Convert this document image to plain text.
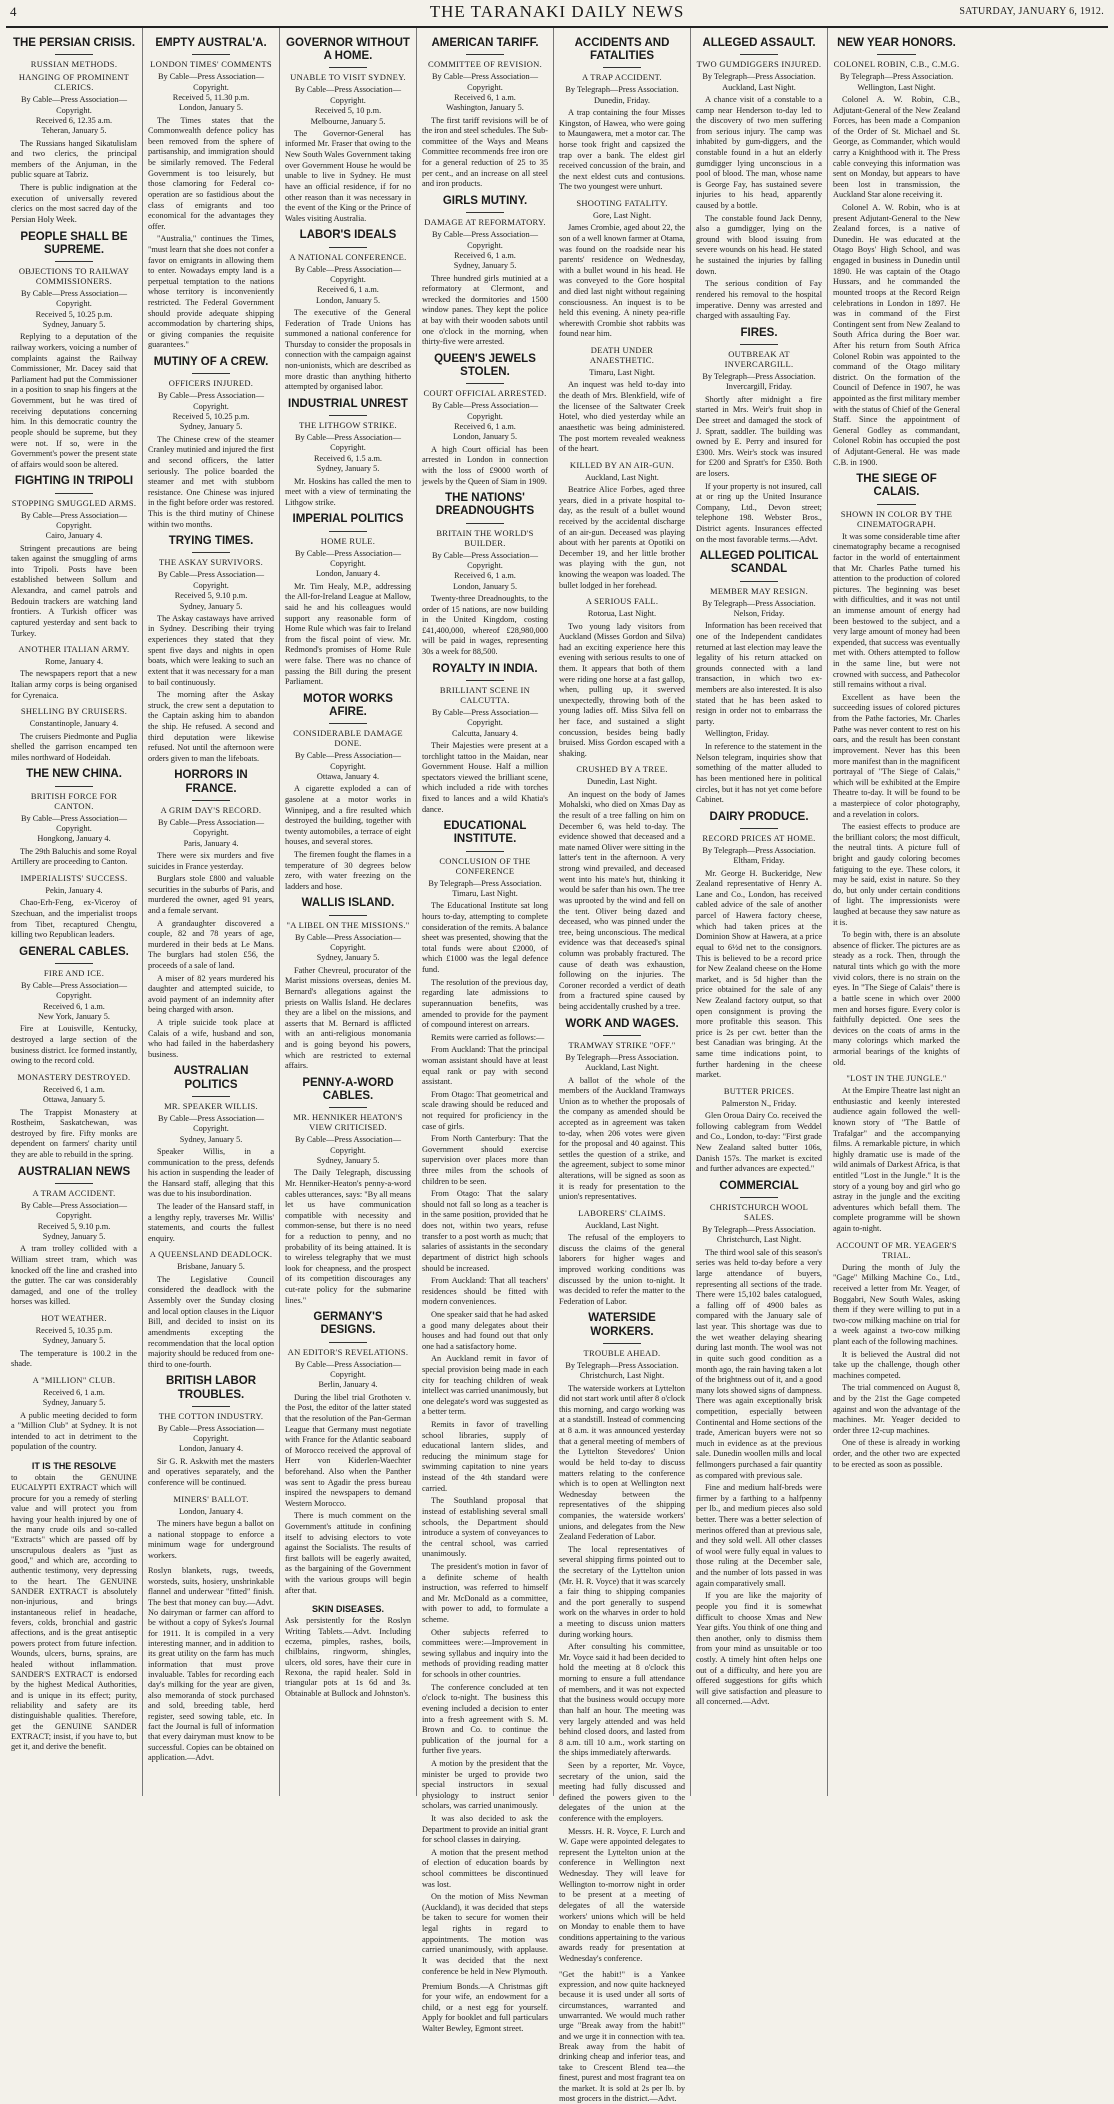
4	THE TARANAKI DAILY NEWS	SATURDAY, JANUARY 6, 1912.
THE PERSIAN CRISIS.
RUSSIAN METHODS.
HANGING OF PROMINENT CLERICS.
By Cable—Press Association—Copyright.
Received 6, 12.35 a.m.
Teheran, January 5.

The Russians hanged Sikatulislam and two clerics, the principal members of the Anjuman, in the public square at Tabriz.

There is public indignation at the execution of universally revered clerics on the most sacred day of the Persian Holy Week.

PEOPLE SHALL BE SUPREME.
OBJECTIONS TO RAILWAY COMMISSIONERS.
By Cable—Press Association—Copyright.
Received 5, 10.25 p.m.
Sydney, January 5.

Replying to a deputation of the railway workers, voicing a number of complaints against the Railway Commissioner, Mr. Dacey said that Parliament had put the Commissioner in a position to snap his fingers at the Government, but he was tired of receiving deputations concerning him. In this democratic country the people should be supreme, but they were not. If so, were in the Government's power the present state of affairs would soon be altered.

FIGHTING IN TRIPOLI
STOPPING SMUGGLED ARMS.
By Cable—Press Association—Copyright.
Cairo, January 4.

Stringent precautions are being taken against the smuggling of arms into Tripoli. Posts have been established between Sollum and Alexandra, and camel patrols and Bedouin trackers are watching land frontiers. A Turkish officer was captured yesterday and sent back to Turkey.

ANOTHER ITALIAN ARMY.
Rome, January 4.

The newspapers report that a new Italian army corps is being organised for Cyrenaica.

SHELLING BY CRUISERS.
Constantinople, January 4.

The cruisers Piedmonte and Puglia shelled the garrison encamped ten miles northward of Hodeidah.

THE NEW CHINA.
BRITISH FORCE FOR CANTON.
By Cable—Press Association—Copyright.
Hongkong, January 4.

The 29th Baluchis and some Royal Artillery are proceeding to Canton.

IMPERIALISTS' SUCCESS.
Pekin, January 4.

Chao-Erh-Feng, ex-Viceroy of Szechuan, and the imperialist troops from Tibet, recaptured Chengtu, killing two Republican leaders.

GENERAL CABLES.
FIRE AND ICE.
By Cable—Press Association—Copyright.
Received 6, 1 a.m.
New York, January 5.

Fire at Louisville, Kentucky, destroyed a large section of the business district. Ice formed instantly, owing to the record cold.

MONASTERY DESTROYED.
Received 6, 1 a.m.
Ottawa, January 5.

The Trappist Monastery at Rostheim, Saskatchewan, was destroyed by fire. Fifty monks are dependent on farmers' charity until they are able to rebuild in the spring.

AUSTRALIAN NEWS
A TRAM ACCIDENT.
By Cable—Press Association—Copyright.
Received 5, 9.10 p.m.
Sydney, January 5.

A tram trolley collided with a William street tram, which was knocked off the line and crashed into the gutter. The car was considerably damaged, and one of the trolley horses was killed.

HOT WEATHER.
Received 5, 10.35 p.m.
Sydney, January 5.

The temperature is 100.2 in the shade.

A "MILLION" CLUB.
Received 6, 1 a.m.
Sydney, January 5.

A public meeting decided to form a "Million Club" at Sydney. It is not intended to act in detriment to the population of the country.

IT IS THE RESOLVE
to obtain the GENUINE EUCALYPTI EXTRACT which will procure for you a remedy of sterling value and will protect you from having your health injured by one of the many crude oils and so-called "Extracts" which are passed off by unscrupulous dealers as "just as good," and which are, according to authentic testimony, very depressing to the heart. The GENUINE SANDER EXTRACT is absolutely non-injurious, and brings instantaneous relief in headache, fevers, colds, bronchial and gastric affections, and is the great antiseptic powers protect from future infection. Wounds, ulcers, burns, sprains, are healed without inflammation. SANDER'S EXTRACT is endorsed by the highest Medical Authorities, and is unique in its effect; purity, reliability and safety are its distinguishable qualities. Therefore, get the GENUINE SANDER EXTRACT; insist, if you have to, but get it, and derive the benefit.
EMPTY AUSTRAL'A.
LONDON TIMES' COMMENTS
By Cable—Press Association—Copyright.
Received 5, 11.30 p.m.
London, January 5.

The Times states that the Commonwealth defence policy has been removed from the sphere of partisanship, and immigration should be similarly removed. The Federal Government is too leisurely, but those clamoring for Federal co-operation are so fastidious about the class of emigrants and too economical for the advantages they offer.

"Australia," continues the Times, "must learn that she does not confer a favor on emigrants in allowing them to enter. Nowadays empty land is a perpetual temptation to the nations whose territory is inconveniently restricted. The Federal Government should provide adequate shipping accommodation by chartering ships, or giving companies the requisite guarantees."

MUTINY OF A CREW.
OFFICERS INJURED.
By Cable—Press Association—Copyright.
Received 5, 10.25 p.m.
Sydney, January 5.

The Chinese crew of the steamer Cranley mutinied and injured the first and second officers, the latter seriously. The police boarded the steamer and met with stubborn resistance. One Chinese was injured in the fight before order was restored. This is the third mutiny of Chinese within two months.

TRYING TIMES.
THE ASKAY SURVIVORS.
By Cable—Press Association—Copyright.
Received 5, 9.10 p.m.
Sydney, January 5.

The Askay castaways have arrived in Sydney. Describing their trying experiences they stated that they spent five days and nights in open boats, which were leaking to such an extent that it was necessary for a man to bail continuously.

The morning after the Askay struck, the crew sent a deputation to the Captain asking him to abandon the ship. He refused. A second and third deputation were likewise refused. Not until the afternoon were orders given to man the lifeboats.

HORRORS IN FRANCE.
A GRIM DAY'S RECORD.
By Cable—Press Association—Copyright.
Paris, January 4.

There were six murders and five suicides in France yesterday.

Burglars stole £800 and valuable securities in the suburbs of Paris, and murdered the owner, aged 91 years, and a female servant.

A grandaughter discovered a couple, 82 and 78 years of age, murdered in their beds at Le Mans. The burglars had stolen £56, the proceeds of a sale of land.

A miser of 82 years murdered his daughter and attempted suicide, to avoid payment of an indemnity after being charged with arson.

A triple suicide took place at Calais of a wife, husband and son, who had failed in the haberdashery business.

AUSTRALIAN POLITICS
MR. SPEAKER WILLIS.
By Cable—Press Association—Copyright.
Sydney, January 5.

Speaker Willis, in a communication to the press, defends his action in suspending the leader of the Hansard staff, alleging that this was due to his insubordination.

The leader of the Hansard staff, in a lengthy reply, traverses Mr. Willis' statements, and courts the fullest enquiry.

A QUEENSLAND DEADLOCK.
Brisbane, January 5.

The Legislative Council considered the deadlock with the Assembly over the Sunday closing and local option clauses in the Liquor Bill, and decided to insist on its amendments excepting the recommendation that the local option majority should be reduced from one-third to one-fourth.

BRITISH LABOR TROUBLES.
THE COTTON INDUSTRY.
By Cable—Press Association—Copyright.
London, January 4.

Sir G. R. Askwith met the masters and operatives separately, and the conference will be continued.

MINERS' BALLOT.
London, January 4.

The miners have begun a ballot on a national stoppage to enforce a minimum wage for underground workers.

Roslyn blankets, rugs, tweeds, worsteds, suits, hosiery, unshrinkable flannel and underwear "fitted" finish. The best that money can buy.—Advt. No dairyman or farmer can afford to be without a copy of Sykes's Journal for 1911. It is compiled in a very interesting manner, and in addition to its great utility on the farm has much information that must prove invaluable. Tables for recording each day's milking for the year are given, also memoranda of stock purchased and sold, breeding table, herd register, seed sowing table, etc. In fact the Journal is full of information that every dairyman must know to be successful. Copies can be obtained on application.—Advt.
GOVERNOR WITHOUT A HOME.
UNABLE TO VISIT SYDNEY.
By Cable—Press Association—Copyright.
Received 5, 10 p.m.
Melbourne, January 5.

The Governor-General has informed Mr. Fraser that owing to the New South Wales Government taking over Government House he would be unable to live in Sydney. He must have an official residence, if for no other reason than it was necessary in the event of the King or the Prince of Wales visiting Australia.

LABOR'S IDEALS
A NATIONAL CONFERENCE.
By Cable—Press Association—Copyright.
Received 6, 1 a.m.
London, January 5.

The executive of the General Federation of Trade Unions has summoned a national conference for Thursday to consider the proposals in connection with the campaign against non-unionists, which are described as more drastic than anything hitherto attempted by organised labor.

INDUSTRIAL UNREST
THE LITHGOW STRIKE.
By Cable—Press Association—Copyright.
Received 6, 1.5 a.m.
Sydney, January 5.

Mr. Hoskins has called the men to meet with a view of terminating the Lithgow strike.

IMPERIAL POLITICS
HOME RULE.
By Cable—Press Association—Copyright.
London, January 4.

Mr. Tim Healy, M.P., addressing the All-for-Ireland League at Mallow, said he and his colleagues would support any reasonable form of Home Rule which was fair to Ireland from the fiscal point of view. Mr. Redmond's promises of Home Rule were false. There was no chance of passing the Bill during the present Parliament.

MOTOR WORKS AFIRE.
CONSIDERABLE DAMAGE DONE.
By Cable—Press Association—Copyright.
Ottawa, January 4.

A cigarette exploded a can of gasolene at a motor works in Winnipeg, and a fire resulted which destroyed the building, together with twenty automobiles, a terrace of eight houses, and several stores.

The firemen fought the flames in a temperature of 30 degrees below zero, with water freezing on the ladders and hose.

WALLIS ISLAND.
"A LIBEL ON THE MISSIONS."
By Cable—Press Association—Copyright.
Sydney, January 5.

Father Chevreul, procurator of the Marist missions overseas, denies M. Bernard's allegations against the priests on Wallis Island. He declares they are a libel on the missions, and asserts that M. Bernard is afflicted with an anti-religious monomania and is going beyond his powers, which are restricted to external affairs.

PENNY-A-WORD CABLES.
MR. HENNIKER HEATON'S VIEW CRITICISED.
By Cable—Press Association—Copyright.
Sydney, January 5.

The Daily Telegraph, discussing Mr. Henniker-Heaton's penny-a-word cables utterances, says: "By all means let us have communication compatible with necessity and common-sense, but there is no need for a reduction to penny, and no probability of its being attained. It is to wireless telegraphy that we must look for cheapness, and the prospect of its competition discourages any cut-rate policy for the submarine lines."

GERMANY'S DESIGNS.
AN EDITOR'S REVELATIONS.
By Cable—Press Association—Copyright.
Berlin, January 4.

During the libel trial Grothoten v. the Post, the editor of the latter stated that the resolution of the Pan-German League that Germany must negotiate with France for the Atlantic seaboard of Morocco received the approval of Herr von Kiderlen-Waechter beforehand. Also when the Panther was sent to Agadir the press bureau inspired the newspapers to demand Western Morocco.

There is much comment on the Government's attitude in confining itself to advising electors to vote against the Socialists. The results of first ballots will be eagerly awaited, as the bargaining of the Government with the various groups will begin after that.

SKIN DISEASES.
Ask persistently for the Roslyn Writing Tablets.—Advt. Including eczema, pimples, rashes, boils, chilblains, ringworm, shingles, ulcers, old sores, have their cure in Rexona, the rapid healer. Sold in triangular pots at 1s 6d and 3s. Obtainable at Bullock and Johnston's.
AMERICAN TARIFF.
COMMITTEE OF REVISION.
By Cable—Press Association—Copyright.
Received 6, 1 a.m.
Washington, January 5.

The first tariff revisions will be of the iron and steel schedules. The Sub-committee of the Ways and Means Committee recommends free iron ore for a general reduction of 25 to 35 per cent., and an increase on all steel and iron products.

GIRLS MUTINY.
DAMAGE AT REFORMATORY.
By Cable—Press Association—Copyright.
Received 6, 1 a.m.
Sydney, January 5.

Three hundred girls mutinied at a reformatory at Clermont, and wrecked the dormitories and 1500 window panes. They kept the police at bay with their wooden sabots until one o'clock in the morning, when thirty-five were arrested.

QUEEN'S JEWELS STOLEN.
COURT OFFICIAL ARRESTED.
By Cable—Press Association—Copyright.
Received 6, 1 a.m.
London, January 5.

A high Court official has been arrested in London in connection with the loss of £9000 worth of jewels by the Queen of Siam in 1909.

THE NATIONS' DREADNOUGHTS
BRITAIN THE WORLD'S BUILDER.
By Cable—Press Association—Copyright.
Received 6, 1 a.m.
London, January 5.

Twenty-three Dreadnoughts, to the order of 15 nations, are now building in the United Kingdom, costing £41,400,000, whereof £28,980,000 will be paid in wages, representing 30s a week for 88,500.

ROYALTY IN INDIA.
BRILLIANT SCENE IN CALCUTTA.
By Cable—Press Association—Copyright.
Calcutta, January 4.

Their Majesties were present at a torchlight tattoo in the Maidan, near Government House. Half a million spectators viewed the brilliant scene, which included a ride with torches fixed to lances and a wild Khatia's dance.

EDUCATIONAL INSTITUTE.
CONCLUSION OF THE CONFERENCE
By Telegraph—Press Association.
Timaru, Last Night.

The Educational Institute sat long hours to-day, attempting to complete consideration of the remits. A balance sheet was presented, showing that the total funds were about £2000, of which £1000 was the legal defence fund.

The resolution of the previous day, regarding late admissions to superannuation benefits, was amended to provide for the payment of compound interest on arrears.

Remits were carried as follows:—

From Auckland: That the principal woman assistant should have at least equal rank or pay with second assistant.

From Otago: That geometrical and scale drawing should be reduced and not required for proficiency in the case of girls.

From North Canterbury: That the Government should exercise supervision over places more than three miles from the schools of children to be seen.

From Otago: That the salary should not fall so long as a teacher is in the same position, provided that he does not, within two years, refuse transfer to a post worth as much; that salaries of assistants in the secondary department of district high schools should be increased.

From Auckland: That all teachers' residences should be fitted with modern conveniences.

One speaker said that he had asked a good many delegates about their houses and had found out that only one had a satisfactory home.

An Auckland remit in favor of special provision being made in each city for teaching children of weak intellect was carried unanimously, but one delegate's word was suggested as a better term.

Remits in favor of travelling school libraries, supply of educational lantern slides, and reducing the minimum stage for swimming capitation to nine years instead of the 4th standard were carried.

The Southland proposal that instead of establishing several small schools, the Department should introduce a system of conveyances to the central school, was carried unanimously.

The president's motion in favor of a definite scheme of health instruction, was referred to himself and Mr. McDonald as a committee, with power to add, to formulate a scheme.

Other subjects referred to committees were:—Improvement in sewing syllabus and inquiry into the methods of providing reading matter for schools in other countries.

The conference concluded at ten o'clock to-night. The business this evening included a decision to enter into a fresh agreement with S. M. Brown and Co. to continue the publication of the journal for a further five years.

A motion by the president that the minister be urged to provide two special instructors in sexual physiology to instruct senior scholars, was carried unanimously.

It was also decided to ask the Department to provide an initial grant for school classes in dairying.

A motion that the present method of election of education boards by school committees be discontinued was lost.

On the motion of Miss Newman (Auckland), it was decided that steps be taken to secure for women their legal rights in regard to appointments. The motion was carried unanimously, with applause. It was decided that the next conference be held in New Plymouth.

Premium Bonds.—A Christmas gift for your wife, an endowment for a child, or a nest egg for yourself. Apply for booklet and full particulars Walter Bewley, Egmont street.
ACCIDENTS AND FATALITIES
A TRAP ACCIDENT.
By Telegraph—Press Association.
Dunedin, Friday.

A trap containing the four Misses Kingston, of Hawea, who were going to Maungawera, met a motor car. The horse took fright and capsized the trap over a bank. The eldest girl received concussion of the brain, and the next eldest cuts and contusions. The two youngest were unhurt.

SHOOTING FATALITY.
Gore, Last Night.

James Crombie, aged about 22, the son of a well known farmer at Otama, was found on the roadside near his parents' residence on Wednesday, with a bullet wound in his head. He was conveyed to the Gore hospital and died last night without regaining consciousness. An inquest is to be held this evening. A ninety pea-rifle wherewith Crombie shot rabbits was found near him.

DEATH UNDER ANAESTHETIC.
Timaru, Last Night.

An inquest was held to-day into the death of Mrs. Blenkfield, wife of the licensee of the Saltwater Creek Hotel, who died yesterday while an anaesthetic was being administered. The post mortem revealed weakness of the heart.

KILLED BY AN AIR-GUN.
Auckland, Last Night.

Beatrice Alice Forbes, aged three years, died in a private hospital to-day, as the result of a bullet wound received by the accidental discharge of an air-gun. Deceased was playing about with her parents at Opotiki on December 19, and her little brother was playing with the gun, not knowing the weapon was loaded. The bullet lodged in her forehead.

A SERIOUS FALL.
Rotorua, Last Night.

Two young lady visitors from Auckland (Misses Gordon and Silva) had an exciting experience here this evening with serious results to one of them. It appears that both of them were riding one horse at a fast gallop, when, pulling up, it swerved unexpectedly, throwing both of the young ladies off. Miss Silva fell on her face, and sustained a slight concussion, besides being badly bruised. Miss Gordon escaped with a shaking.

CRUSHED BY A TREE.
Dunedin, Last Night.

An inquest on the body of James Mohalski, who died on Xmas Day as the result of a tree falling on him on December 6, was held to-day. The evidence showed that deceased and a mate named Oliver were sitting in the latter's tent in the afternoon. A very strong wind prevailed, and deceased went into his mate's hut, thinking it would be safer than his own. The tree was uprooted by the wind and fell on the tent. Oliver being dazed and deceased, who was pinned under the tree, being unconscious. The medical evidence was that deceased's spinal column was probably fractured. The cause of death was exhaustion, following on the injuries. The Coroner recorded a verdict of death from a fractured spine caused by being accidentally crushed by a tree.

WORK AND WAGES.
TRAMWAY STRIKE "OFF."
By Telegraph—Press Association.
Auckland, Last Night.

A ballot of the whole of the members of the Auckland Tramways Union as to whether the proposals of the company as amended should be accepted as in agreement was taken to-day, when 206 votes were given for the proposal and 40 against. This settles the question of a strike, and the agreement, subject to some minor alterations, will be signed as soon as it is ready for presentation to the union's representatives.

LABORERS' CLAIMS.
Auckland, Last Night.

The refusal of the employers to discuss the claims of the general laborers for higher wages and improved working conditions was discussed by the union to-night. It was decided to refer the matter to the Federation of Labor.

WATERSIDE WORKERS.
TROUBLE AHEAD.
By Telegraph—Press Association.
Christchurch, Last Night.

The waterside workers at Lyttelton did not start work until after 8 o'clock this morning, and cargo working was at a standstill. Instead of commencing at 8 a.m. it was announced yesterday that a general meeting of members of the Lyttelton Stevedores' Union would be held to-day to discuss matters relating to the conference which is to open at Wellington next Wednesday between the representatives of the shipping companies, the waterside workers' unions, and delegates from the New Zealand Federation of Labor.

The local representatives of several shipping firms pointed out to the secretary of the Lyttelton union (Mr. H. R. Voyce) that it was scarcely a fair thing to shipping companies and the port generally to suspend work on the wharves in order to hold a meeting to discuss union matters during working hours.

After consulting his committee, Mr. Voyce said it had been decided to hold the meeting at 8 o'clock this morning to ensure a full attendance of members, and it was not expected that the business would occupy more than half an hour. The meeting was very largely attended and was held behind closed doors, and lasted from 8 a.m. till 10 a.m., work starting on the ships immediately afterwards.

Seen by a reporter, Mr. Voyce, secretary of the union, said the meeting had fully discussed and defined the powers given to the delegates of the union at the conference with the employers.

Messrs. H. R. Voyce, F. Lurch and W. Gape were appointed delegates to represent the Lyttelton union at the conference in Wellington next Wednesday. They will leave for Wellington to-morrow night in order to be present at a meeting of delegates of all the waterside workers' unions which will be held on Monday to enable them to have conditions appertaining to the various awards ready for presentation at Wednesday's conference.

"Get the habit!" is a Yankee expression, and now quite hackneyed because it is used under all sorts of circumstances, warranted and unwarranted. We would much rather urge "Break away from the habit!" and we urge it in connection with tea. Break away from the habit of drinking cheap and inferior teas, and take to Crescent Blend tea—the finest, purest and most fragrant tea on the market. It is sold at 2s per lb. by most grocers in the district.—Advt.
ALLEGED ASSAULT.
TWO GUMDIGGERS INJURED.
By Telegraph—Press Association.
Auckland, Last Night.

A chance visit of a constable to a camp near Henderson to-day led to the discovery of two men suffering from serious injury. The camp was inhabited by gum-diggers, and the constable found in a hut an elderly gumdigger lying unconscious in a pool of blood. The man, whose name is George Fay, has sustained severe injuries to his head, apparently caused by a bottle.

The constable found Jack Denny, also a gumdigger, lying on the ground with blood issuing from severe wounds on his head. He stated he sustained the injuries by falling down.

The serious condition of Fay rendered his removal to the hospital imperative. Denny was arrested and charged with assaulting Fay.

FIRES.
OUTBREAK AT INVERCARGILL.
By Telegraph—Press Association.
Invercargill, Friday.

Shortly after midnight a fire started in Mrs. Weir's fruit shop in Dee street and damaged the stock of J. Spratt, saddler. The building was owned by E. Perry and insured for £300. Mrs. Weir's stock was insured for £200 and Spratt's for £350. Both are losers.

If your property is not insured, call at or ring up the United Insurance Company, Ltd., Devon street; telephone 198. Webster Bros., District agents. Insurances effected on the most favorable terms.—Advt.

ALLEGED POLITICAL SCANDAL
MEMBER MAY RESIGN.
By Telegraph—Press Association.
Nelson, Friday.

Information has been received that one of the Independent candidates returned at last election may leave the legality of his return attacked on grounds connected with a land transaction, in which two ex-members are also interested. It is also stated that he has been asked to resign in order not to embarrass the party.

Wellington, Friday.

In reference to the statement in the Nelson telegram, inquiries show that something of the matter alluded to has been mentioned here in political circles, but it has not yet come before Cabinet.

DAIRY PRODUCE.
RECORD PRICES AT HOME.
By Telegraph—Press Association.
Eltham, Friday.

Mr. George H. Buckeridge, New Zealand representative of Henry A. Lane and Co., London, has received cabled advice of the sale of another parcel of Hawera factory cheese, which had taken prices at the Dominion Show at Hawera, at a price equal to 6½d net to the consignors. This is believed to be a record price for New Zealand cheese on the Home market, and is 5d higher than the price obtained for the sale of any New Zealand factory output, so that open consignment is proving the more profitable this season. This price is 2s per cwt. better than the best Canadian was bringing. At the same time indications point, to further hardening in the cheese market.

BUTTER PRICES.
Palmerston N., Friday.

Glen Oroua Dairy Co. received the following cablegram from Weddel and Co., London, to-day: "First grade New Zealand salted butter 106s, Danish 157s. The market is excited and further advances are expected."

COMMERCIAL
CHRISTCHURCH WOOL SALES.
By Telegraph—Press Association.
Christchurch, Last Night.

The third wool sale of this season's series was held to-day before a very large attendance of buyers, representing all sections of the trade. There were 15,102 bales catalogued, a falling off of 4900 bales as compared with the January sale of last year. This shortage was due to the wet weather delaying shearing during last month. The wool was not in quite such good condition as a month ago, the rain having taken a lot of the brightness out of it, and a good many lots showed signs of dampness. There was again exceptionally brisk competition, especially between Continental and Home sections of the trade, American buyers were not so much in evidence as at the previous sale. Dunedin woollen mills and local fellmongers purchased a fair quantity as compared with previous sale.

Fine and medium half-breds were firmer by a farthing to a halfpenny per lb., and medium pieces also sold better. There was a better selection of merinos offered than at previous sale, and they sold well. All other classes of wool were fully equal in values to those ruling at the December sale, and the number of lots passed in was again comparatively small.

If you are like the majority of people you find it is somewhat difficult to choose Xmas and New Year gifts. You think of one thing and then another, only to dismiss them from your mind as unsuitable or too costly. A timely hint often helps one out of a difficulty, and here you are offered suggestions for gifts which will give satisfaction and pleasure to all concerned.—Advt.

NEW YEAR HONORS.
COLONEL ROBIN, C.B., C.M.G.
By Telegraph—Press Association.
Wellington, Last Night.

Colonel A. W. Robin, C.B., Adjutant-General of the New Zealand Forces, has been made a Companion of the Order of St. Michael and St. George, as Commander, which would carry a Knighthood with it. The Press cable conveying this information was sent on Monday, but appears to have been lost in transmission, the Auckland Star alone receiving it.

Colonel A. W. Robin, who is at present Adjutant-General to the New Zealand forces, is a native of Dunedin. He was educated at the Otago Boys' High School, and was engaged in business in Dunedin until 1890. He was captain of the Otago Hussars, and he commanded the mounted troops at the Record Reign celebrations in London in 1897. He was in command of the First Contingent sent from New Zealand to South Africa during the Boer war. After his return from South Africa Colonel Robin was appointed to the command of the Otago military district. On the formation of the Council of Defence in 1907, he was appointed as the first military member with the status of Chief of the General Staff. Since the appointment of General Godley as commandant, Colonel Robin has occupied the post of Adjutant-General. He was made C.B. in 1900.

THE SIEGE OF CALAIS.
SHOWN IN COLOR BY THE CINEMATOGRAPH.

It was some considerable time after cinematography became a recognised factor in the world of entertainment that Mr. Charles Pathe turned his attention to the production of colored pictures. The beginning was beset with difficulties, and it was not until an immense amount of energy had been bestowed to the subject, and a very large amount of money had been expended, that success was eventually met with. Others attempted to follow in the same line, but were not crowned with success, and Pathecolor still remains without a rival.

Excellent as have been the succeeding issues of colored pictures from the Pathe factories, Mr. Charles Pathe was never content to rest on his oars, and the result has been constant improvement. Never has this been more manifest than in the magnificent portrayal of "The Siege of Calais," which will be exhibited at the Empire Theatre to-day. It will be found to be a masterpiece of color photography, and a revelation in colors.

The easiest effects to produce are the brilliant colors; the most difficult, the neutral tints. A picture full of bright and gaudy coloring becomes fatiguing to the eye. These colors, it may be said, exist in nature. So they do, but only under certain conditions of light. The impressionists were laughed at because they saw nature as it is.

To begin with, there is an absolute absence of flicker. The pictures are as steady as a rock. Then, through the natural tints which go with the more vivid colors, there is no strain on the eyes. In "The Siege of Calais" there is a battle scene in which over 2000 men and horses figure. Every color is faithfully depicted. One sees the devices on the coats of arms in the many colorings which marked the armorial bearings of the knights of old.

"LOST IN THE JUNGLE."

At the Empire Theatre last night an enthusiastic and keenly interested audience again followed the well-known story of "The Battle of Trafalgar" and the accompanying films. A remarkable picture, in which highly dramatic use is made of the wild animals of Darkest Africa, is that entitled "Lost in the Jungle." It is the story of a young boy and girl who go astray in the jungle and the exciting adventures which befall them. The complete programme will be shown again to-night.

ACCOUNT OF MR. YEAGER'S TRIAL.

During the month of July the "Gage" Milking Machine Co., Ltd., received a letter from Mr. Yeager, of Boggabri, New South Wales, asking them if they were willing to put in a two-cow milking machine on trial for a week against a two-cow milking plant each of the following machines.

It is believed the Austral did not take up the challenge, though other machines competed.

The trial commenced on August 8, and by the 21st the Gage competed against and won the advantage of the machines. Mr. Yeager decided to order three 12-cup machines.

One of these is already in working order, and the other two are expected to be erected as soon as possible.
